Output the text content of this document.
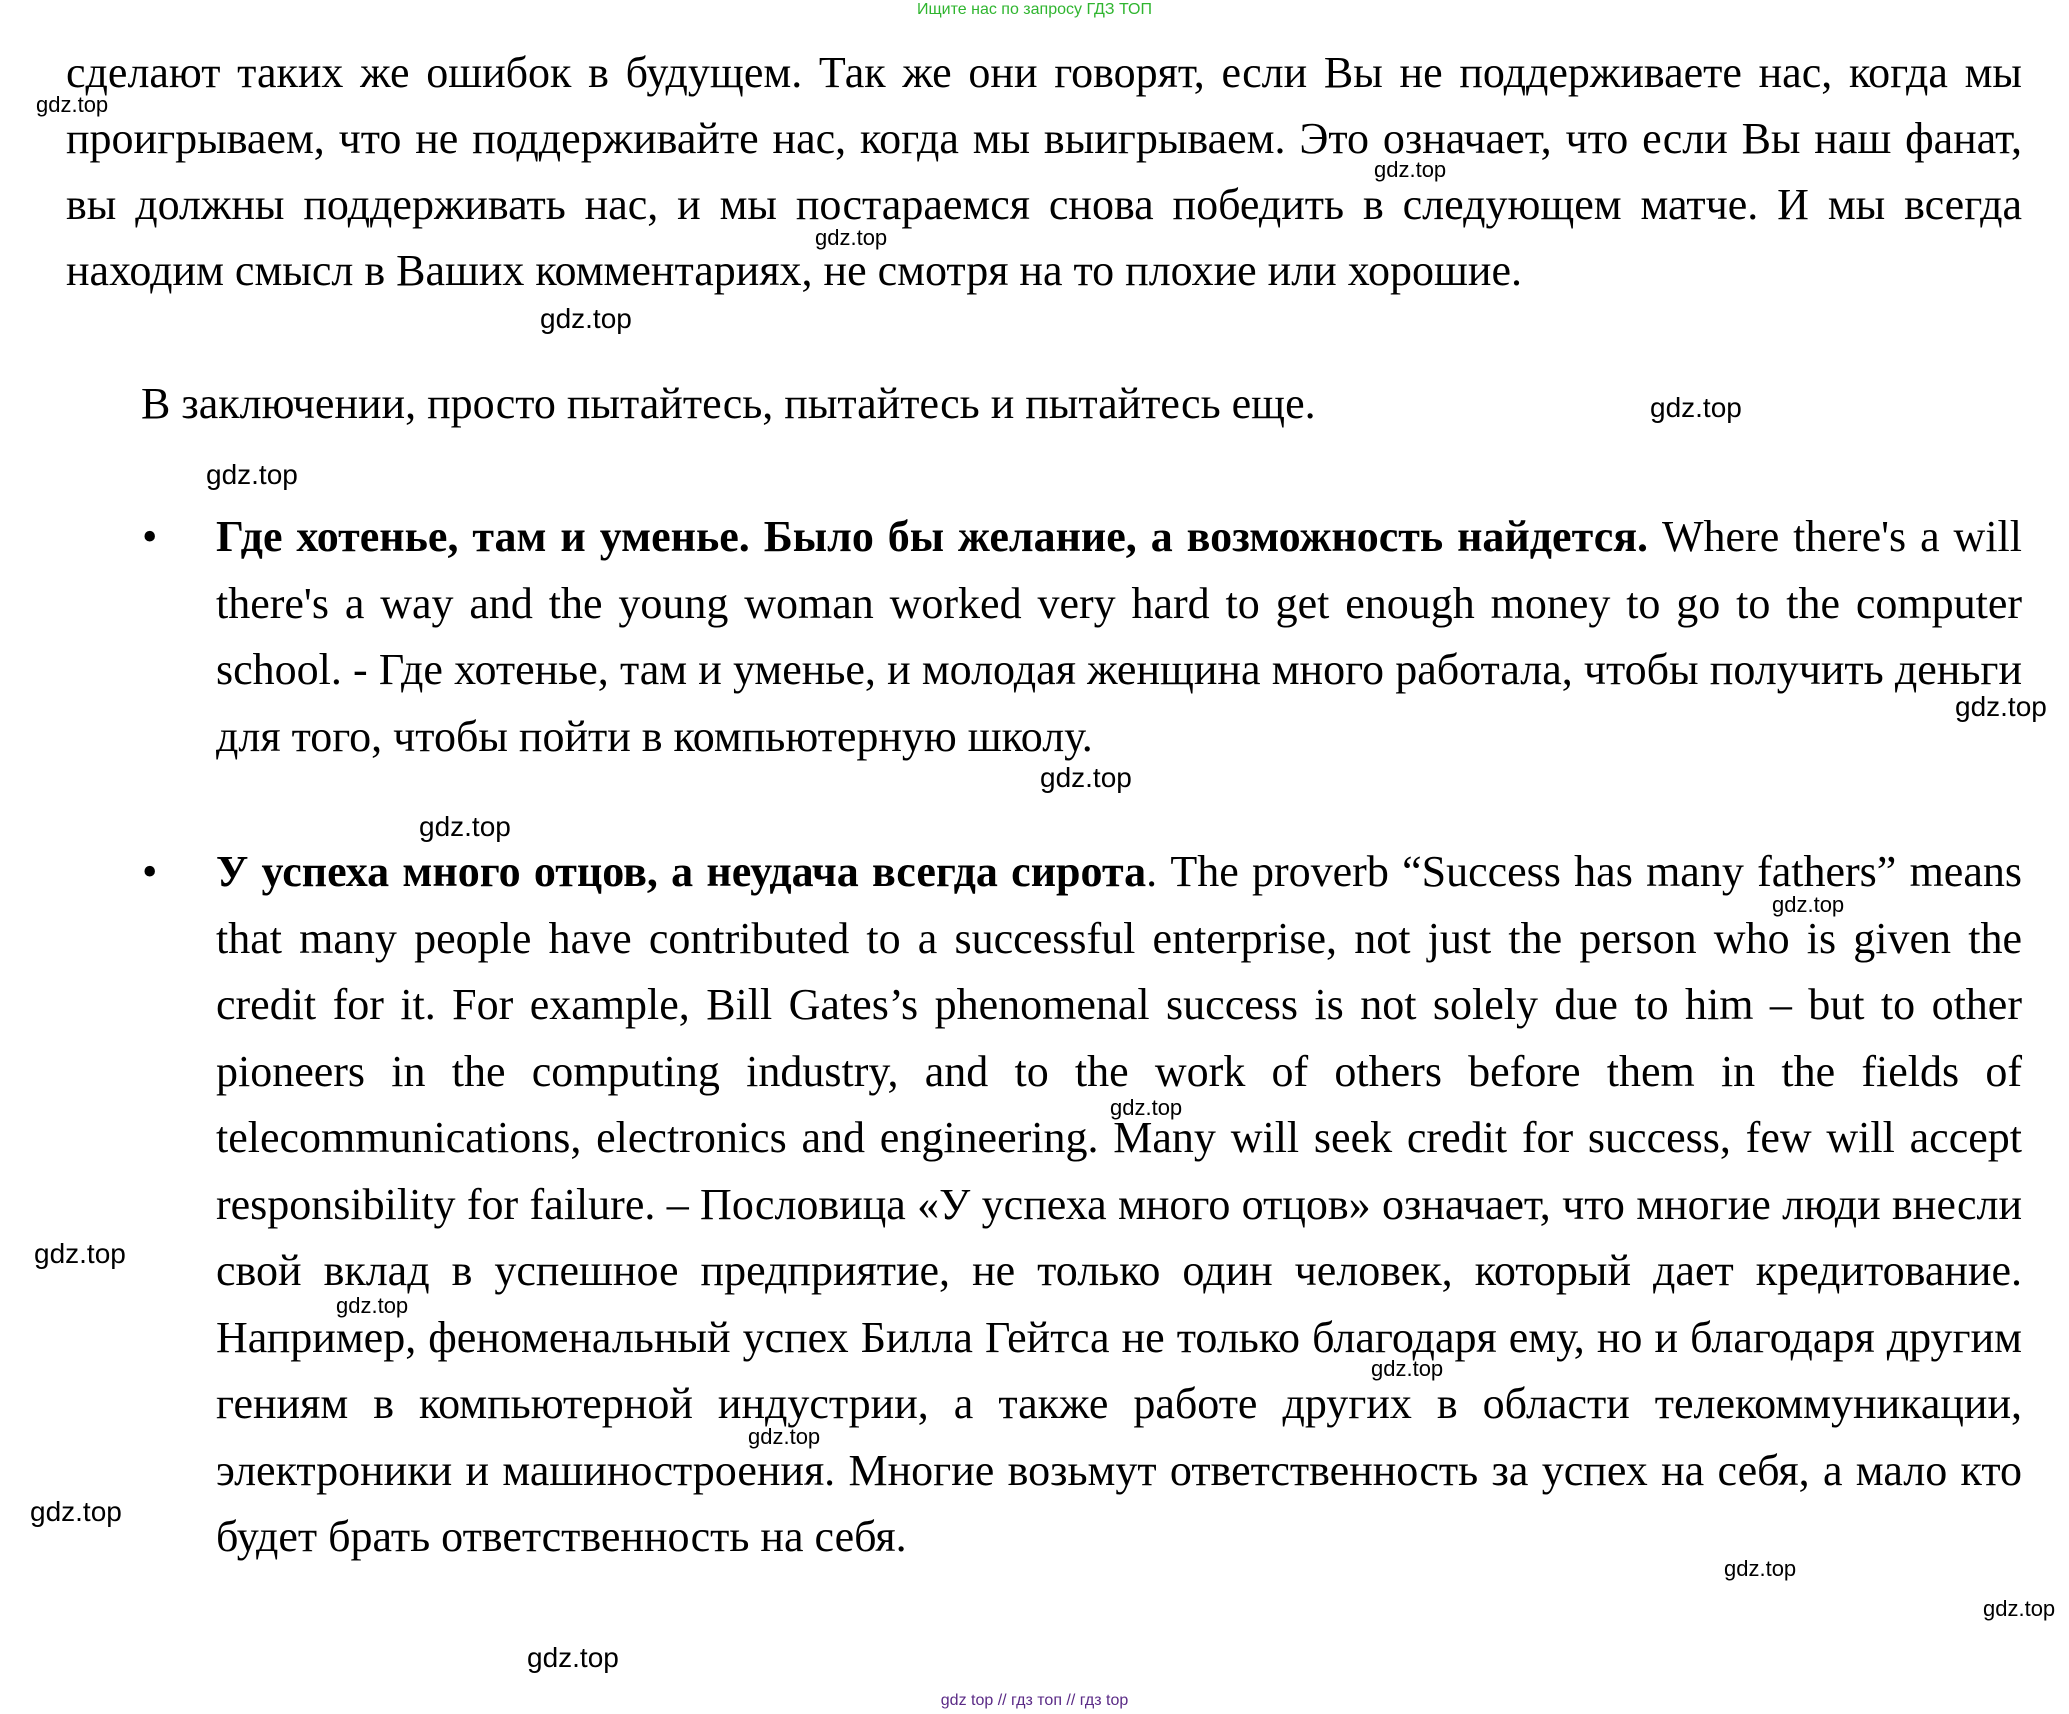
Ищите нас по запросу ГДЗ ТОП

сделают таких же ошибок в будущем. Так же они говорят, если Вы не поддерживаете нас, когда мы проигрываем, что не поддерживайте нас, когда мы выигрываем. Это означает, что если Вы наш фанат, вы должны поддерживать нас, и мы постараемся снова победить в следующем матче. И мы всегда находим смысл в Ваших комментариях, не смотря на то плохие или хорошие.

В заключении, просто пытайтесь, пытайтесь и пытайтесь еще.

•	Где хотенье, там и уменье. Было бы желание, а возможность найдется. Where there's a will there's a way and the young woman worked very hard to get enough money to go to the computer school. - Где хотенье, там и уменье, и молодая женщина много работала, чтобы получить деньги для того, чтобы пойти в компьютерную школу.

•	У успеха много отцов, а неудача всегда сирота. The proverb “Success has many fathers” means that many people have contributed to a successful enterprise, not just the person who is given the credit for it. For example, Bill Gates’s phenomenal success is not solely due to him – but to other pioneers in the computing industry, and to the work of others before them in the fields of telecommunications, electronics and engineering. Many will seek credit for success, few will accept responsibility for failure. – Пословица «У успеха много отцов» означает, что многие люди внесли свой вклад в успешное предприятие, не только один человек, который дает кредитование. Например, феноменальный успех Билла Гейтса не только благодаря ему, но и благодаря другим гениям в компьютерной индустрии, а также работе других в области телекоммуникации, электроники и машиностроения. Многие возьмут ответственность за успех на себя, а мало кто будет брать ответственность на себя.

gdz.top
gdz.top
gdz.top
gdz.top
gdz.top
gdz.top
gdz.top
gdz.top
gdz.top
gdz.top
gdz.top
gdz.top
gdz.top
gdz.top
gdz.top
gdz.top
gdz.top
gdz.top
gdz.top
gdz top // гдз топ // гдз top
